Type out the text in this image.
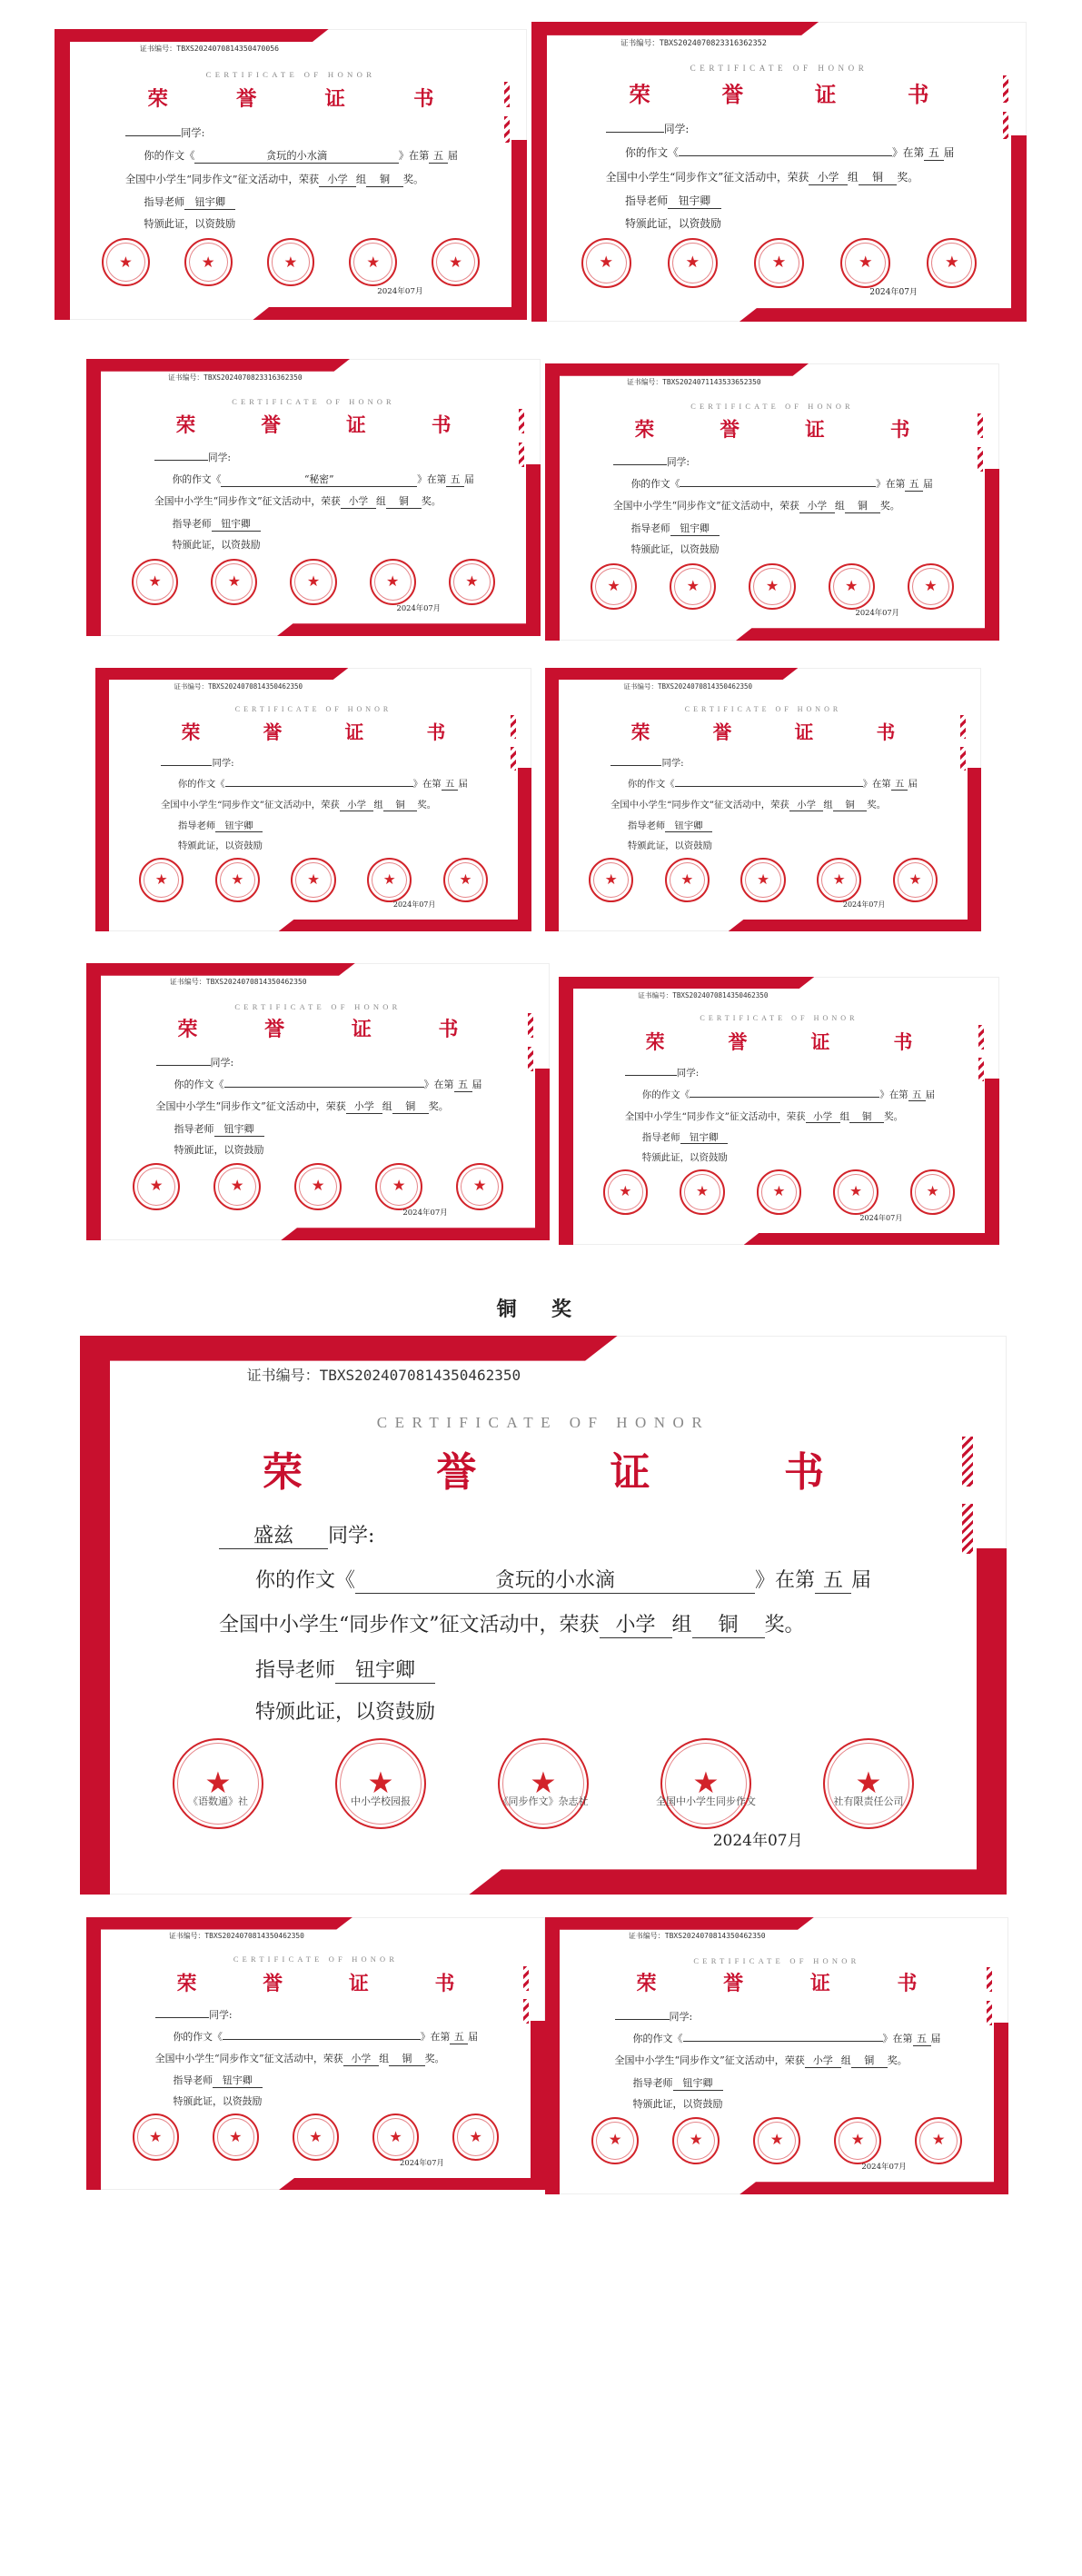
证书编号：TBXS2024070814350470056
CERTIFICATE OF HONOR
荣 誉 证 书
同学:
你的作文《	贪玩的小水滴	》在第 五 届
全国中小学生“同步作文”征文活动中，荣获 小学 组 铜 奖。
指导老师 钮宇卿
特颁此证，以资鼓励
★	★	★	★	★
2024年07月
证书编号：TBXS2024070823316362352
CERTIFICATE OF HONOR
荣 誉 证 书
同学:
你的作文《	》在第 五 届
全国中小学生“同步作文”征文活动中，荣获 小学 组 铜 奖。
指导老师 钮宇卿
特颁此证，以资鼓励
★	★	★	★	★
2024年07月
证书编号：TBXS2024070823316362350
CERTIFICATE OF HONOR
荣 誉 证 书
同学:
你的作文《	“秘密”	》在第 五 届
全国中小学生“同步作文”征文活动中，荣获 小学 组 铜 奖。
指导老师 钮宇卿
特颁此证，以资鼓励
★	★	★	★	★
2024年07月
证书编号：TBXS2024071143533652350
CERTIFICATE OF HONOR
荣 誉 证 书
同学:
你的作文《	》在第 五 届
全国中小学生“同步作文”征文活动中，荣获 小学 组 铜 奖。
指导老师 钮宇卿
特颁此证，以资鼓励
★	★	★	★	★
2024年07月
证书编号：TBXS2024070814350462350
CERTIFICATE OF HONOR
荣 誉 证 书
同学:
你的作文《	》在第 五 届
全国中小学生“同步作文”征文活动中，荣获 小学 组 铜 奖。
指导老师 钮宇卿
特颁此证，以资鼓励
★	★	★	★	★
2024年07月
证书编号：TBXS2024070814350462350
CERTIFICATE OF HONOR
荣 誉 证 书
同学:
你的作文《	》在第 五 届
全国中小学生“同步作文”征文活动中，荣获 小学 组 铜 奖。
指导老师 钮宇卿
特颁此证，以资鼓励
★	★	★	★	★
2024年07月
证书编号：TBXS2024070814350462350
CERTIFICATE OF HONOR
荣 誉 证 书
同学:
你的作文《	》在第 五 届
全国中小学生“同步作文”征文活动中，荣获 小学 组 铜 奖。
指导老师 钮宇卿
特颁此证，以资鼓励
★	★	★	★	★
2024年07月
证书编号：TBXS2024070814350462350
CERTIFICATE OF HONOR
荣 誉 证 书
同学:
你的作文《	》在第 五 届
全国中小学生“同步作文”征文活动中，荣获 小学 组 铜 奖。
指导老师 钮宇卿
特颁此证，以资鼓励
★	★	★	★	★
2024年07月
证书编号：TBXS2024070814350462350
CERTIFICATE OF HONOR
荣 誉 证 书
同学:
你的作文《	》在第 五 届
全国中小学生“同步作文”征文活动中，荣获 小学 组 铜 奖。
指导老师 钮宇卿
特颁此证，以资鼓励
★	★	★	★	★
2024年07月
证书编号：TBXS2024070814350462350
CERTIFICATE OF HONOR
荣 誉 证 书
同学:
你的作文《	》在第 五 届
全国中小学生“同步作文”征文活动中，荣获 小学 组 铜 奖。
指导老师 钮宇卿
特颁此证，以资鼓励
★	★	★	★	★
2024年07月
证书编号：TBXS2024070814350462350
CERTIFICATE OF HONOR
荣 誉 证 书
盛兹 同学:
你的作文《	贪玩的小水滴	》在第 五 届
全国中小学生“同步作文”征文活动中，荣获 小学 组 铜 奖。
指导老师 钮宇卿
特颁此证，以资鼓励
★
《语数通》社
★
中小学校园报
★
《同步作文》杂志社
★
全国中小学生同步作文
★
社有限责任公司
2024年07月
铜 奖
